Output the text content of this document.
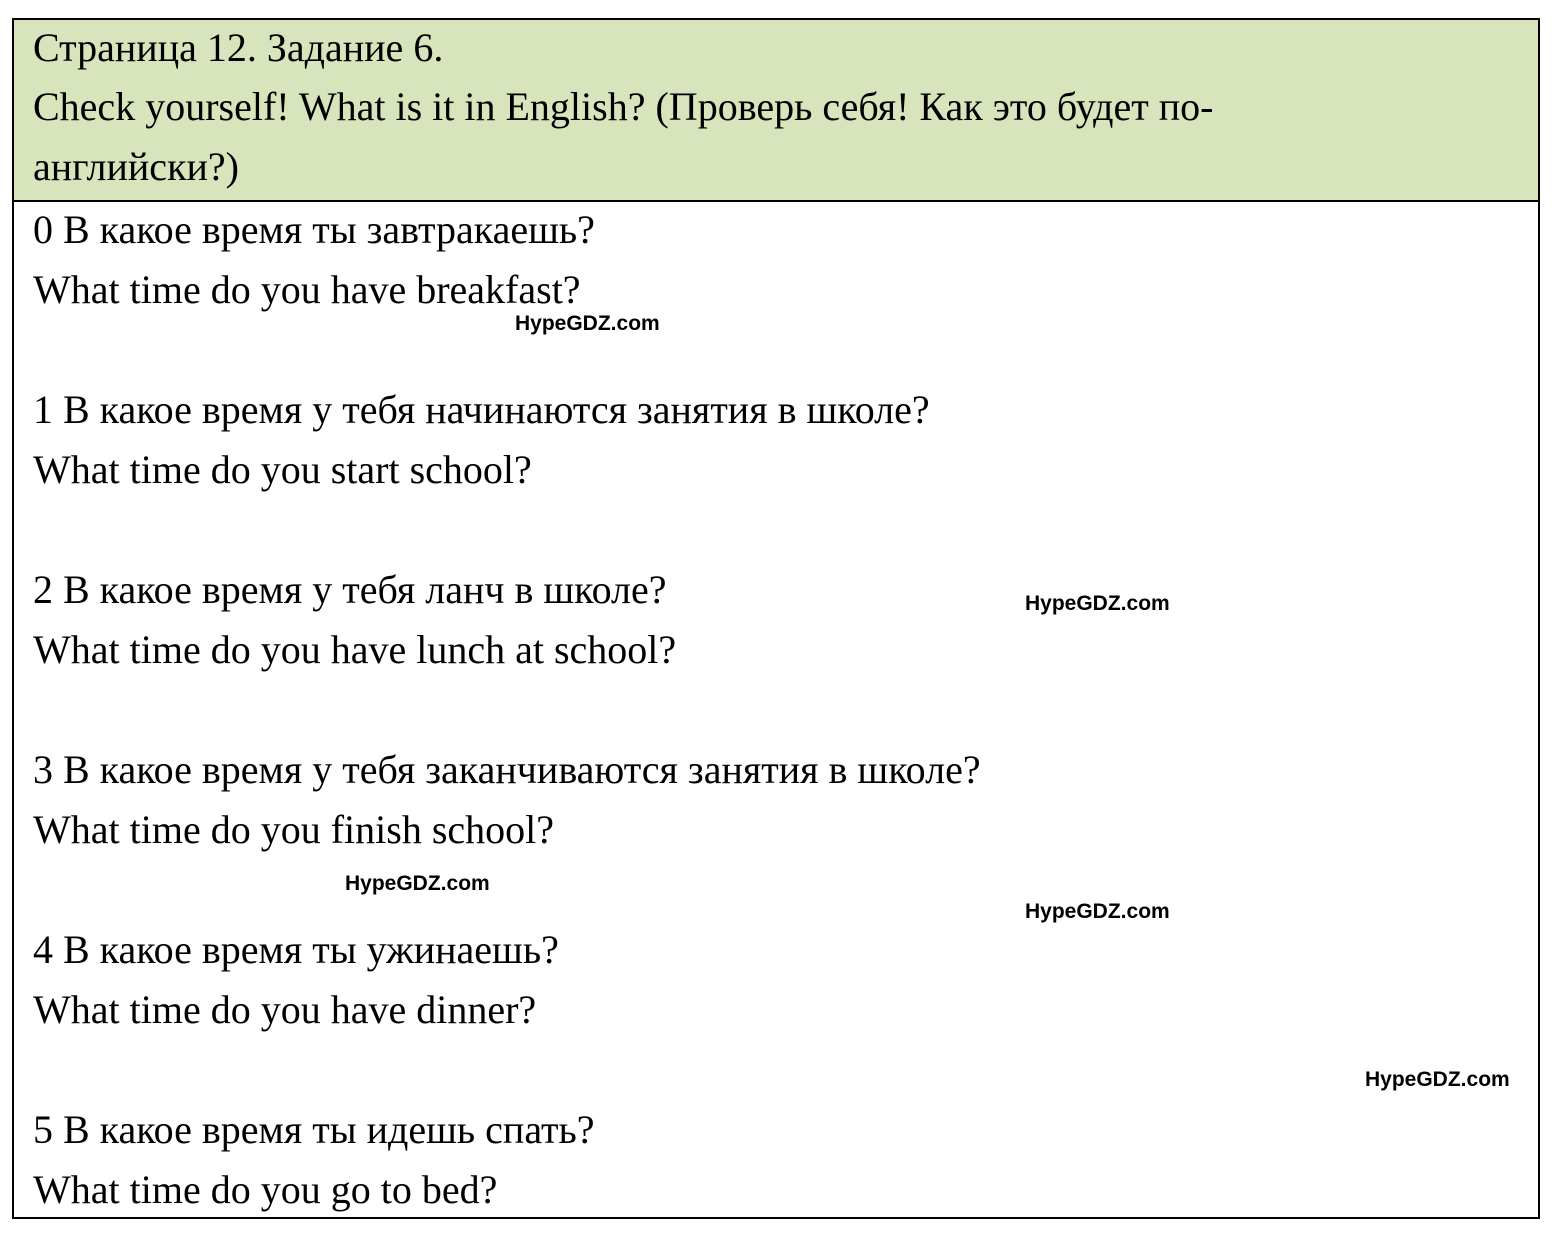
Страница 12. Задание 6.
Check yourself! What is it in English? (Проверь себя! Как это будет по-
английски?)
0 В какое время ты завтракаешь?
What time do you have breakfast?
1 В какое время у тебя начинаются занятия в школе?
What time do you start school?
2 В какое время у тебя ланч в школе?
What time do you have lunch at school?
3 В какое время у тебя заканчиваются занятия в школе?
What time do you finish school?
4 В какое время ты ужинаешь?
What time do you have dinner?
5 В какое время ты идешь спать?
What time do you go to bed?
HypeGDZ.com
HypeGDZ.com
HypeGDZ.com
HypeGDZ.com
HypeGDZ.com
